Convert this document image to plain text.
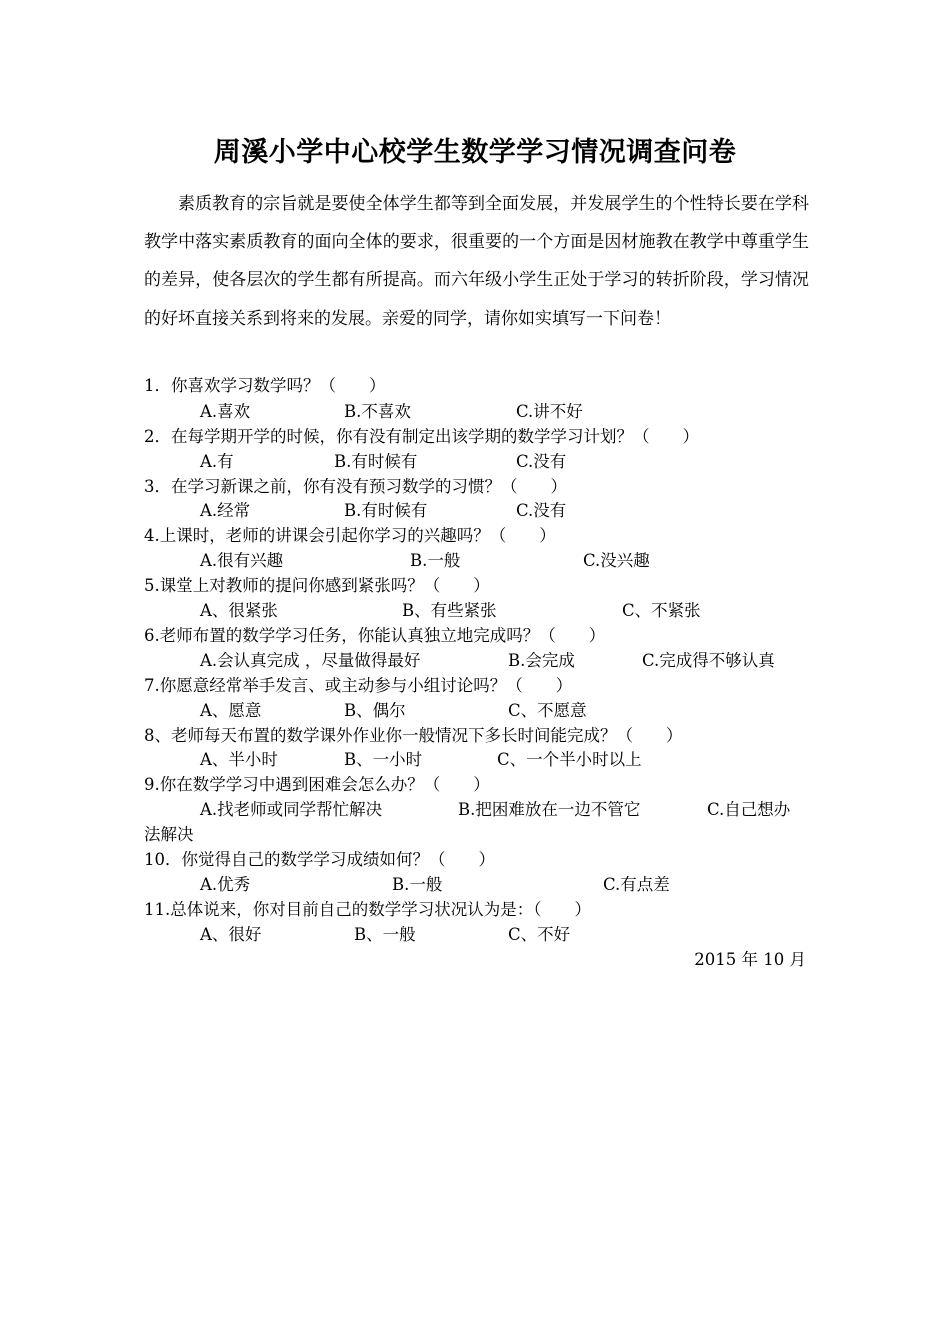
周溪小学中心校学生数学学习情况调查问卷

素质教育的宗旨就是要使全体学生都等到全面发展，并发展学生的个性特长要在学科教学中落实素质教育的面向全体的要求，很重要的一个方面是因材施教在教学中尊重学生的差异，使各层次的学生都有所提高。而六年级小学生正处于学习的转折阶段，学习情况的好坏直接关系到将来的发展。亲爱的同学，请你如实填写一下问卷！

1．你喜欢学习数学吗？（　　）
A.喜欢	B.不喜欢	C.讲不好
2．在每学期开学的时候，你有没有制定出该学期的数学学习计划？（　　）
A.有	B.有时候有	C.没有
3．在学习新课之前，你有没有预习数学的习惯？（　　）
A.经常	B.有时候有	C.没有
4.上课时，老师的讲课会引起你学习的兴趣吗？（　　）
A.很有兴趣	B.一般	C.没兴趣
5.课堂上对教师的提问你感到紧张吗？（　　）
A、很紧张	B、有些紧张	C、不紧张
6.老师布置的数学学习任务，你能认真独立地完成吗？（　　）
A.会认真完成 ，尽量做得最好	B.会完成	C.完成得不够认真
7.你愿意经常举手发言、或主动参与小组讨论吗？（　　）
A、愿意	B、偶尔	C、不愿意
8、老师每天布置的数学课外作业你一般情况下多长时间能完成？（　　）
A、半小时	B、一小时	C、一个半小时以上
9.你在数学学习中遇到困难会怎么办？（　　）
A.找老师或同学帮忙解决	B.把困难放在一边不管它	C.自己想办
法解决
10．你觉得自己的数学学习成绩如何？（　　）
A.优秀	B.一般	C.有点差
11.总体说来，你对目前自己的数学学习状况认为是：（　　）
A、很好	B、一般	C、不好
2015 年 10 月
